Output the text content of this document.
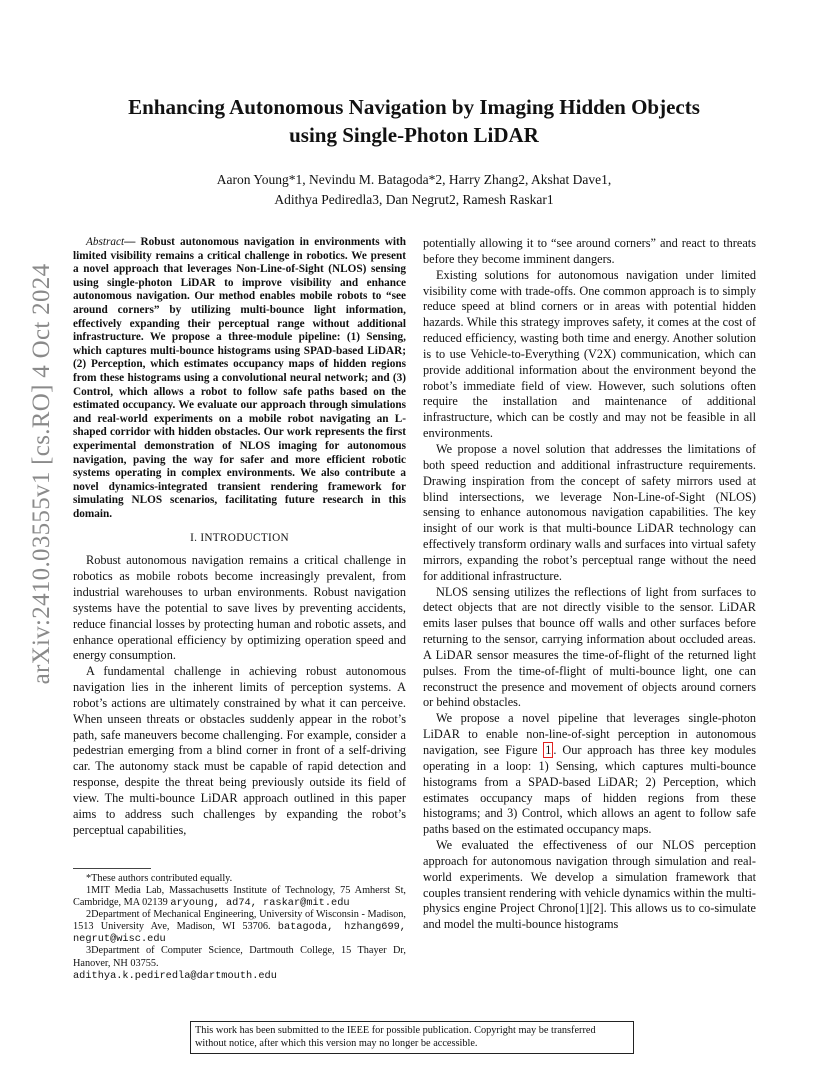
arXiv:2410.03555v1 [cs.RO] 4 Oct 2024
Enhancing Autonomous Navigation by Imaging Hidden Objects
using Single-Photon LiDAR
Aaron Young*1, Nevindu M. Batagoda*2, Harry Zhang2, Akshat Dave1,
Adithya Pediredla3, Dan Negrut2, Ramesh Raskar1

Abstract— Robust autonomous navigation in environments with limited visibility remains a critical challenge in robotics. We present a novel approach that leverages Non-Line-of-Sight (NLOS) sensing using single-photon LiDAR to improve visibility and enhance autonomous navigation. Our method enables mobile robots to “see around corners” by utilizing multi-bounce light information, effectively expanding their perceptual range without additional infrastructure. We propose a three-module pipeline: (1) Sensing, which captures multi-bounce histograms using SPAD-based LiDAR; (2) Perception, which estimates occupancy maps of hidden regions from these histograms using a convolutional neural network; and (3) Control, which allows a robot to follow safe paths based on the estimated occupancy. We evaluate our approach through simulations and real-world experiments on a mobile robot navigating an L-shaped corridor with hidden obstacles. Our work represents the first experimental demonstration of NLOS imaging for autonomous navigation, paving the way for safer and more efficient robotic systems operating in complex environments. We also contribute a novel dynamics-integrated transient rendering framework for simulating NLOS scenarios, facilitating future research in this domain.

I. INTRODUCTION

Robust autonomous navigation remains a critical challenge in robotics as mobile robots become increasingly prevalent, from industrial warehouses to urban environments. Robust navigation systems have the potential to save lives by preventing accidents, reduce financial losses by protecting human and robotic assets, and enhance operational efficiency by optimizing operation speed and energy consumption.

A fundamental challenge in achieving robust autonomous navigation lies in the inherent limits of perception systems. A robot’s actions are ultimately constrained by what it can perceive. When unseen threats or obstacles suddenly appear in the robot’s path, safe maneuvers become challenging. For example, consider a pedestrian emerging from a blind corner in front of a self-driving car. The autonomy stack must be capable of rapid detection and response, despite the threat being previously outside its field of view. The multi-bounce LiDAR approach outlined in this paper aims to address such challenges by expanding the robot’s perceptual capabilities,

*These authors contributed equally.

1MIT Media Lab, Massachusetts Institute of Technology, 75 Amherst St, Cambridge, MA 02139 aryoung, ad74, raskar@mit.edu

2Department of Mechanical Engineering, University of Wisconsin - Madison, 1513 University Ave, Madison, WI 53706. batagoda, hzhang699, negrut@wisc.edu

3Department of Computer Science, Dartmouth College, 15 Thayer Dr, Hanover, NH 03755.
adithya.k.pediredla@dartmouth.edu

potentially allowing it to “see around corners” and react to threats before they become imminent dangers.

Existing solutions for autonomous navigation under limited visibility come with trade-offs. One common approach is to simply reduce speed at blind corners or in areas with potential hidden hazards. While this strategy improves safety, it comes at the cost of reduced efficiency, wasting both time and energy. Another solution is to use Vehicle-to-Everything (V2X) communication, which can provide additional information about the environment beyond the robot’s immediate field of view. However, such solutions often require the installation and maintenance of additional infrastructure, which can be costly and may not be feasible in all environments.

We propose a novel solution that addresses the limitations of both speed reduction and additional infrastructure requirements. Drawing inspiration from the concept of safety mirrors used at blind intersections, we leverage Non-Line-of-Sight (NLOS) sensing to enhance autonomous navigation capabilities. The key insight of our work is that multi-bounce LiDAR technology can effectively transform ordinary walls and surfaces into virtual safety mirrors, expanding the robot’s perceptual range without the need for additional infrastructure.

NLOS sensing utilizes the reflections of light from surfaces to detect objects that are not directly visible to the sensor. LiDAR emits laser pulses that bounce off walls and other surfaces before returning to the sensor, carrying information about occluded areas. A LiDAR sensor measures the time-of-flight of the returned light pulses. From the time-of-flight of multi-bounce light, one can reconstruct the presence and movement of objects around corners or behind obstacles.

We propose a novel pipeline that leverages single-photon LiDAR to enable non-line-of-sight perception in autonomous navigation, see Figure 1 . Our approach has three key modules operating in a loop: 1) Sensing, which captures multi-bounce histograms from a SPAD-based LiDAR; 2) Perception, which estimates occupancy maps of hidden regions from these histograms; and 3) Control, which allows an agent to follow safe paths based on the estimated occupancy maps.

We evaluated the effectiveness of our NLOS perception approach for autonomous navigation through simulation and real-world experiments. We develop a simulation framework that couples transient rendering with vehicle dynamics within the multi-physics engine Project Chrono[1][2]. This allows us to co-simulate and model the multi-bounce histograms

This work has been submitted to the IEEE for possible publication. Copyright may be transferred without notice, after which this version may no longer be accessible.
